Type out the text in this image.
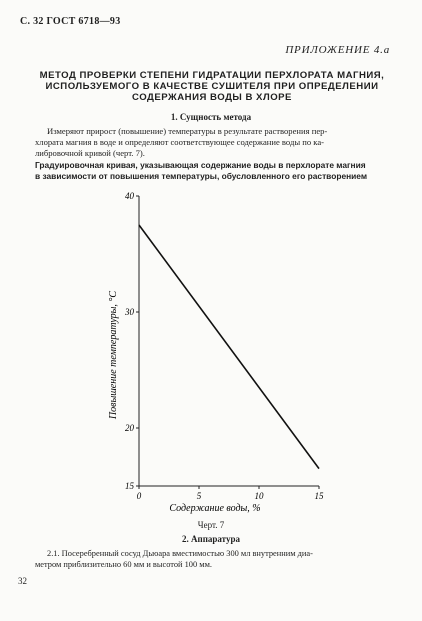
С. 32 ГОСТ 6718—93
ПРИЛОЖЕНИЕ 4.а
МЕТОД ПРОВЕРКИ СТЕПЕНИ ГИДРАТАЦИИ ПЕРХЛОРАТА МАГНИЯ,
ИСПОЛЬЗУЕМОГО В КАЧЕСТВЕ СУШИТЕЛЯ ПРИ ОПРЕДЕЛЕНИИ
СОДЕРЖАНИЯ ВОДЫ В ХЛОРЕ
1. Сущность метода
Измеряют прирост (повышение) температуры в результате растворения пер-
хлората магния в воде и определяют соответствующее содержание воды по ка-
либровочной кривой (черт. 7).
Градуировочная кривая, указывающая содержание воды в перхлорате магния
в зависимости от повышения температуры, обусловленного его растворением
15
20
30
40
0	5	10	15
Повышение температуры, °С
Содержание воды, %
Черт. 7
2. Аппаратура
2.1. Посеребренный сосуд Дьюара вместимостью 300 мл внутренним диа-
метром приблизительно 60 мм и высотой 100 мм.
32
